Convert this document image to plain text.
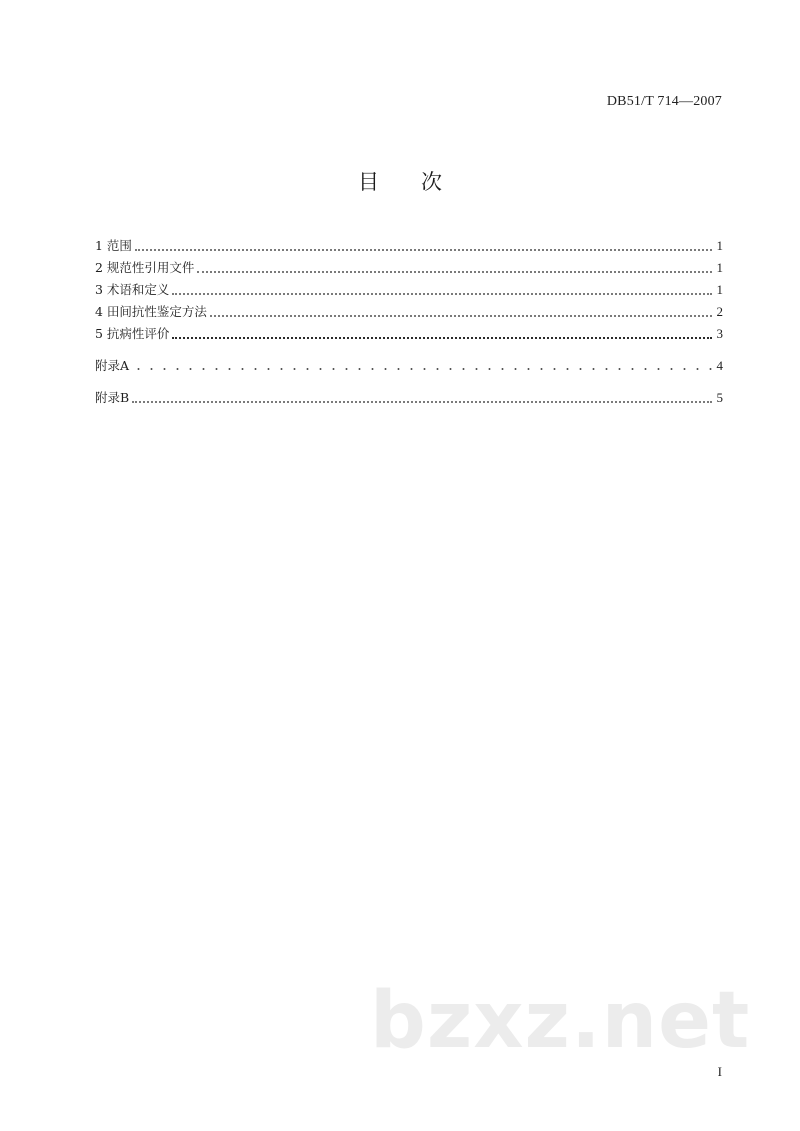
DB51/T 714—2007
目 次
1 范围	1
2 规范性引用文件	1
3 术语和定义	1
4 田间抗性鉴定方法	2
5 抗病性评价	3
附录A	4
附录B	5
bzxz.net
I
